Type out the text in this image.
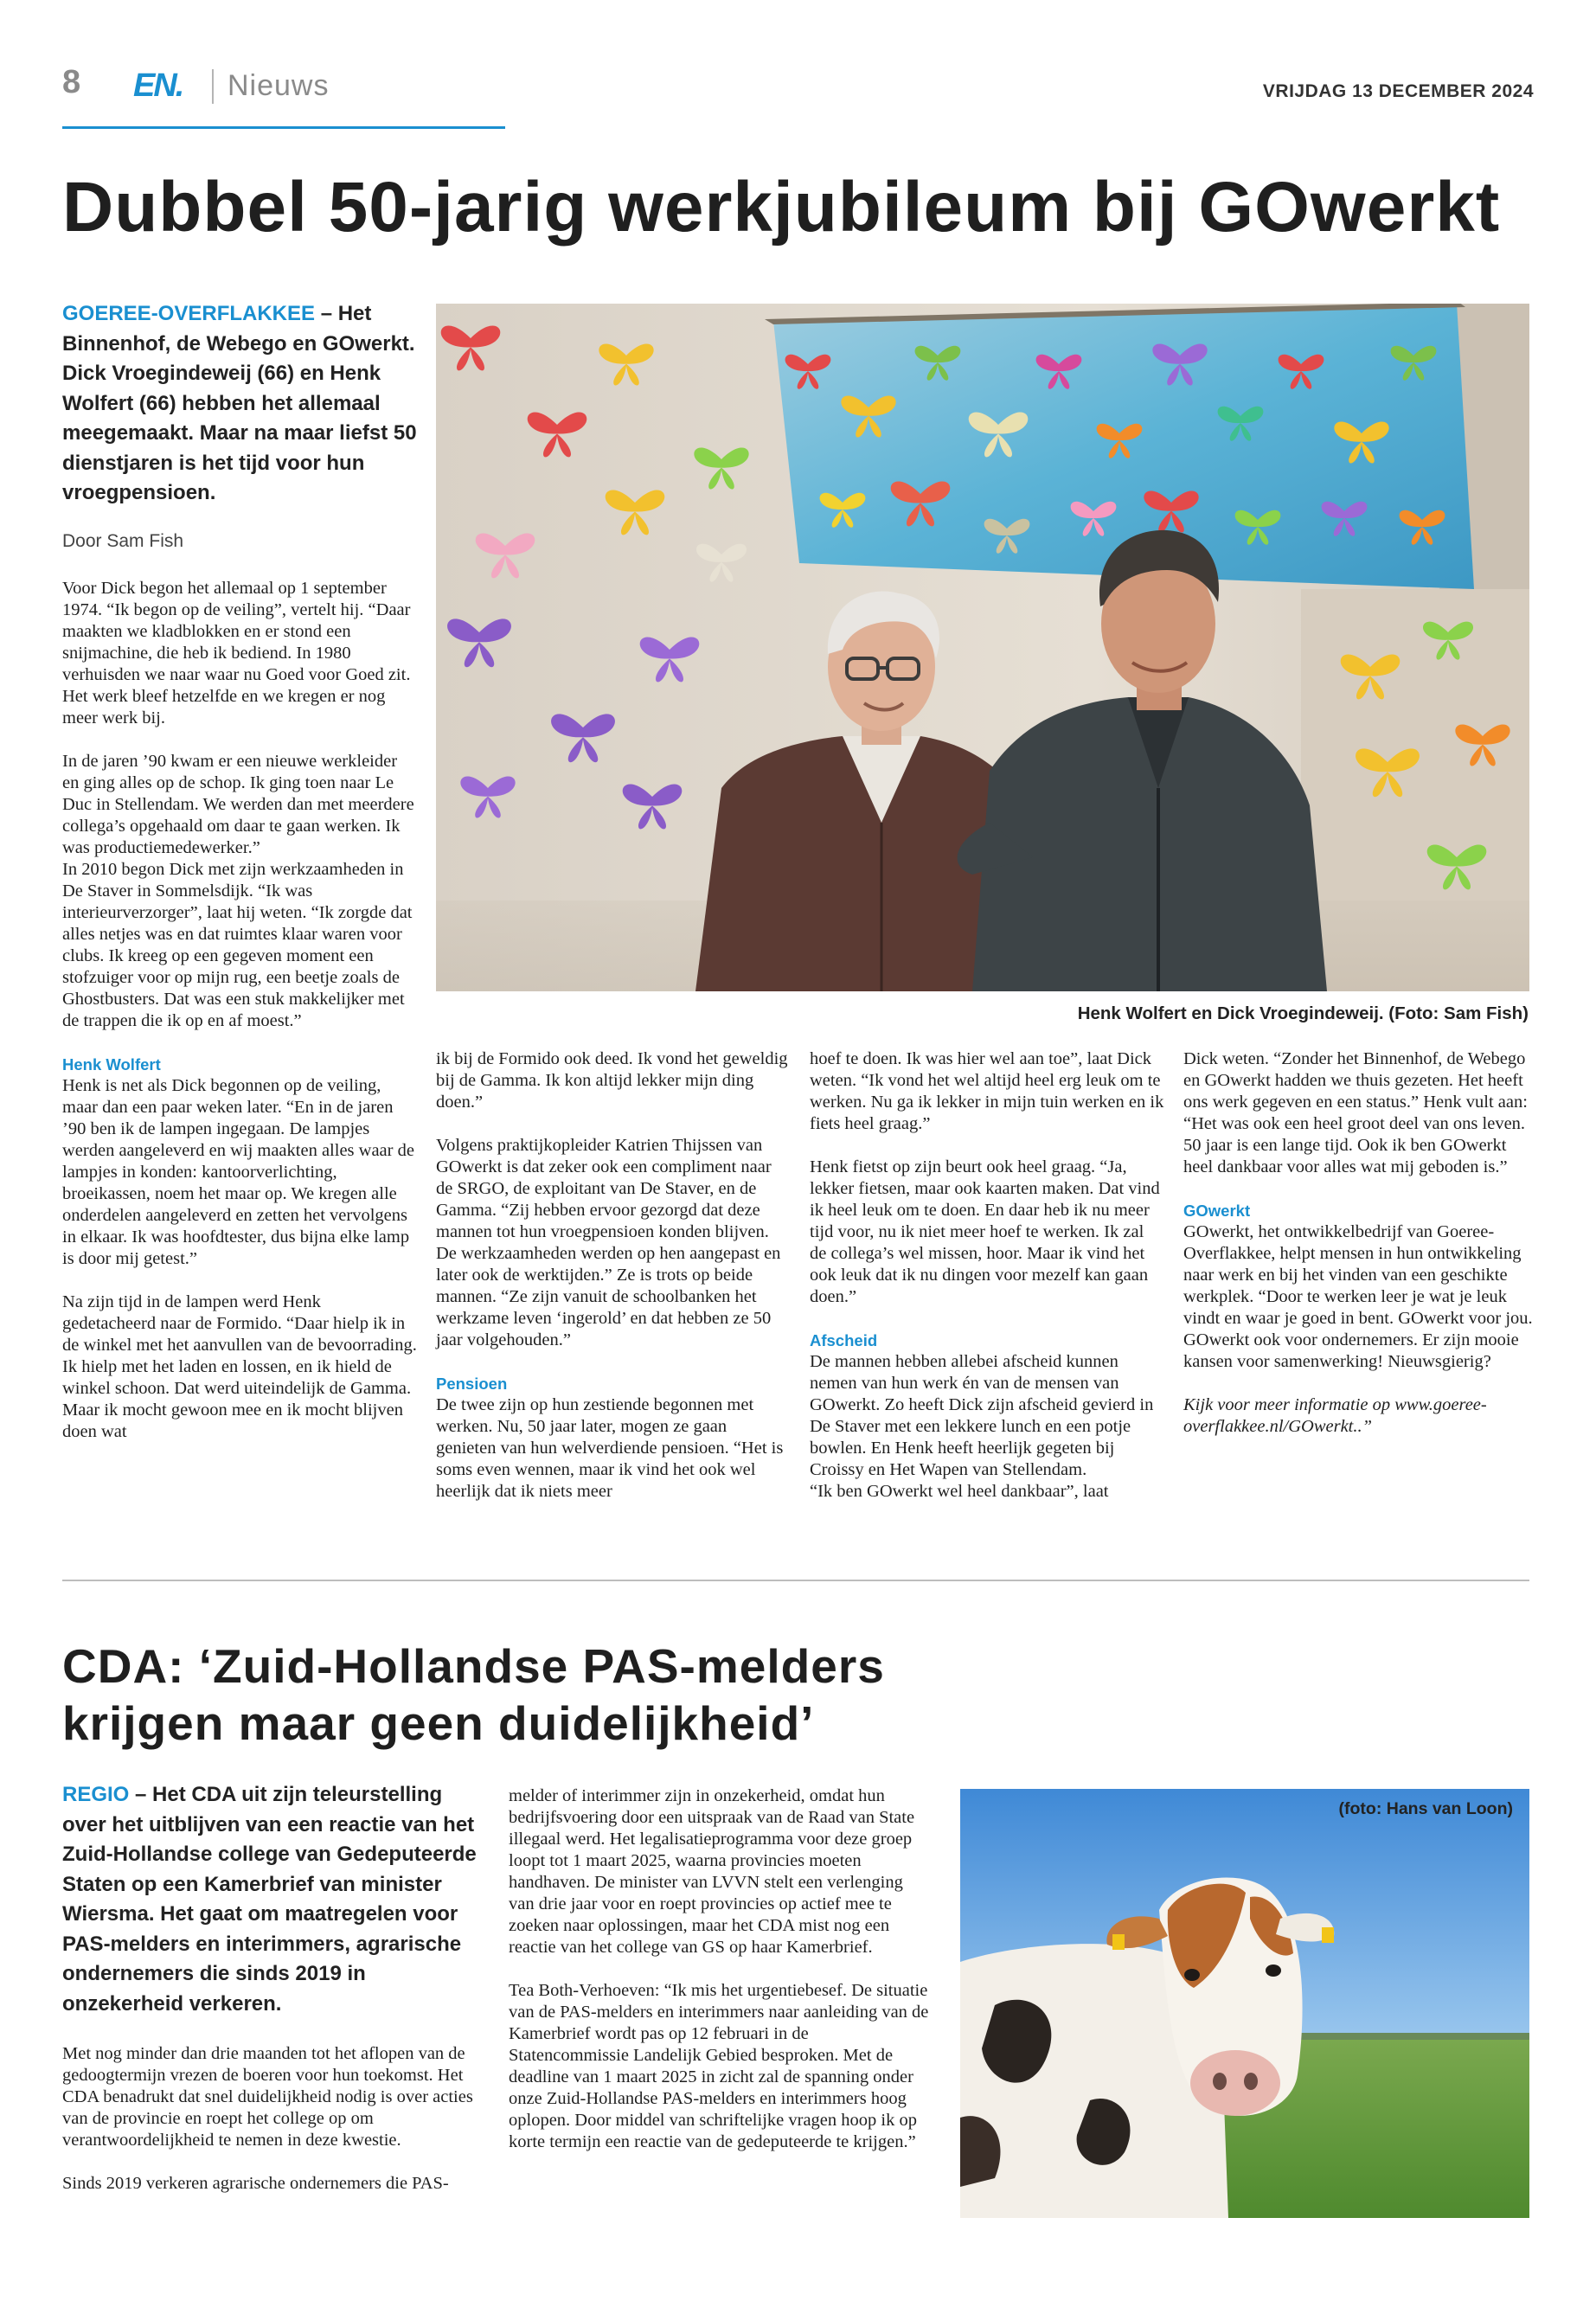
8 EN. Nieuws	VRIJDAG 13 DECEMBER 2024
Dubbel 50-jarig werkjubileum bij GOwerkt
GOEREE-OVERFLAKKEE – Het Binnenhof, de Webego en GOwerkt. Dick Vroegindeweij (66) en Henk Wolfert (66) hebben het allemaal meegemaakt. Maar na maar liefst 50 dienstjaren is het tijd voor hun vroegpensioen.
Door Sam Fish

Voor Dick begon het allemaal op 1 september 1974. “Ik begon op de veiling”, vertelt hij. “Daar maakten we kladblokken en er stond een snijmachine, die heb ik bediend. In 1980 verhuisden we naar waar nu Goed voor Goed zit. Het werk bleef hetzelfde en we kregen er nog meer werk bij.

In de jaren ’90 kwam er een nieuwe werkleider en ging alles op de schop. Ik ging toen naar Le Duc in Stellendam. We werden dan met meerdere collega’s opgehaald om daar te gaan werken. Ik was productiemedewerker.”

In 2010 begon Dick met zijn werkzaamheden in De Staver in Sommelsdijk. “Ik was interieurverzorger”, laat hij weten. “Ik zorgde dat alles netjes was en dat ruimtes klaar waren voor clubs. Ik kreeg op een gegeven moment een stofzuiger voor op mijn rug, een beetje zoals de Ghostbusters. Dat was een stuk makkelijker met de trappen die ik op en af moest.”

Henk Wolfert

Henk is net als Dick begonnen op de veiling, maar dan een paar weken later. “En in de jaren ’90 ben ik de lampen ingegaan. De lampjes werden aangeleverd en wij maakten alles waar de lampjes in konden: kantoorverlichting, broeikassen, noem het maar op. We kregen alle onderdelen aangeleverd en zetten het vervolgens in elkaar. Ik was hoofdtester, dus bijna elke lamp is door mij getest.”

Na zijn tijd in de lampen werd Henk gedetacheerd naar de Formido. “Daar hielp ik in de winkel met het aanvullen van de bevoorrading. Ik hielp met het laden en lossen, en ik hield de winkel schoon. Dat werd uiteindelijk de Gamma. Maar ik mocht gewoon mee en ik mocht blijven doen wat

Henk Wolfert en Dick Vroegindeweij. (Foto: Sam Fish)

ik bij de Formido ook deed. Ik vond het geweldig bij de Gamma. Ik kon altijd lekker mijn ding doen.”

Volgens praktijkopleider Katrien Thijssen van GOwerkt is dat zeker ook een compliment naar de SRGO, de exploitant van De Staver, en de Gamma. “Zij hebben ervoor gezorgd dat deze mannen tot hun vroegpensioen konden blijven. De werkzaamheden werden op hen aangepast en later ook de werktijden.” Ze is trots op beide mannen. “Ze zijn vanuit de schoolbanken het werkzame leven ‘ingerold’ en dat hebben ze 50 jaar volgehouden.”

Pensioen

De twee zijn op hun zestiende begonnen met werken. Nu, 50 jaar later, mogen ze gaan genieten van hun welverdiende pensioen. “Het is soms even wennen, maar ik vind het ook wel heerlijk dat ik niets meer

hoef te doen. Ik was hier wel aan toe”, laat Dick weten. “Ik vond het wel altijd heel erg leuk om te werken. Nu ga ik lekker in mijn tuin werken en ik fiets heel graag.”

Henk fietst op zijn beurt ook heel graag. “Ja, lekker fietsen, maar ook kaarten maken. Dat vind ik heel leuk om te doen. En daar heb ik nu meer tijd voor, nu ik niet meer hoef te werken. Ik zal de collega’s wel missen, hoor. Maar ik vind het ook leuk dat ik nu dingen voor mezelf kan gaan doen.”

Afscheid

De mannen hebben allebei afscheid kunnen nemen van hun werk én van de mensen van GOwerkt. Zo heeft Dick zijn afscheid gevierd in De Staver met een lekkere lunch en een potje bowlen. En Henk heeft heerlijk gegeten bij Croissy en Het Wapen van Stellendam.

“Ik ben GOwerkt wel heel dankbaar”, laat

Dick weten. “Zonder het Binnenhof, de Webego en GOwerkt hadden we thuis gezeten. Het heeft ons werk gegeven en een status.” Henk vult aan: “Het was ook een heel groot deel van ons leven. 50 jaar is een lange tijd. Ook ik ben GOwerkt heel dankbaar voor alles wat mij geboden is.”

GOwerkt

GOwerkt, het ontwikkelbedrijf van Goeree-Overflakkee, helpt mensen in hun ontwikkeling naar werk en bij het vinden van een geschikte werkplek. “Door te werken leer je wat je leuk vindt en waar je goed in bent. GOwerkt voor jou. GOwerkt ook voor ondernemers. Er zijn mooie kansen voor samenwerking! Nieuwsgierig?

Kijk voor meer informatie op www.goeree-overflakkee.nl/GOwerkt..”

CDA: ‘Zuid-Hollandse PAS-melders
krijgen maar geen duidelijkheid’
REGIO – Het CDA uit zijn teleurstelling over het uitblijven van een reactie van het Zuid-Hollandse college van Gedeputeerde Staten op een Kamerbrief van minister Wiersma. Het gaat om maatregelen voor PAS-melders en interimmers, agrarische ondernemers die sinds 2019 in onzekerheid verkeren.

Met nog minder dan drie maanden tot het aflopen van de gedoogtermijn vrezen de boeren voor hun toekomst. Het CDA benadrukt dat snel duidelijkheid nodig is over acties van de provincie en roept het college op om verantwoordelijkheid te nemen in deze kwestie.

Sinds 2019 verkeren agrarische ondernemers die PAS-

melder of interimmer zijn in onzekerheid, omdat hun bedrijfsvoering door een uitspraak van de Raad van State illegaal werd. Het legalisatieprogramma voor deze groep loopt tot 1 maart 2025, waarna provincies moeten handhaven. De minister van LVVN stelt een verlenging van drie jaar voor en roept provincies op actief mee te zoeken naar oplossingen, maar het CDA mist nog een reactie van het college van GS op haar Kamerbrief.

Tea Both-Verhoeven: “Ik mis het urgentiebesef. De situatie van de PAS-melders en interimmers naar aanleiding van de Kamerbrief wordt pas op 12 februari in de Statencommissie Landelijk Gebied besproken. Met de deadline van 1 maart 2025 in zicht zal de spanning onder onze Zuid-Hollandse PAS-melders en interimmers hoog oplopen. Door middel van schriftelijke vragen hoop ik op korte termijn een reactie van de gedeputeerde te krijgen.”

(foto: Hans van Loon)
